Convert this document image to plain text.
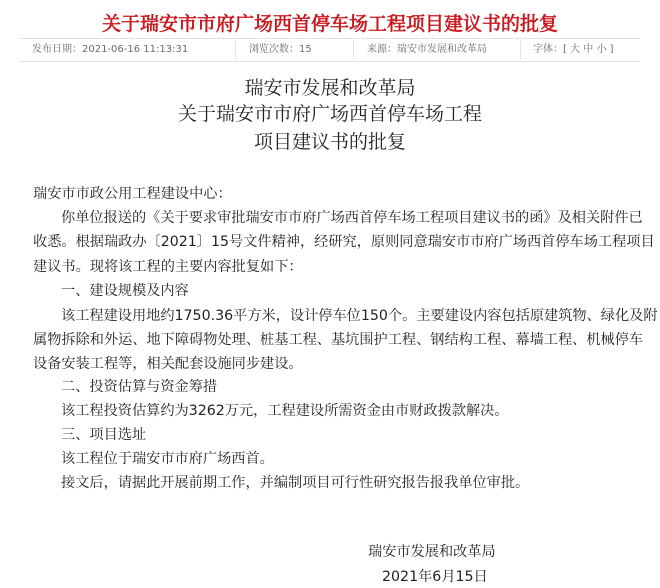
关于瑞安市市府广场西首停车场工程项目建议书的批复
发布日期：2021-06-16 11:13:31	浏览次数：15	来源：瑞安市发展和改革局	字体：[ 大 中 小 ]
瑞安市发展和改革局
关于瑞安市市府广场西首停车场工程
项目建议书的批复
瑞安市市政公用工程建设中心：
你单位报送的《关于要求审批瑞安市市府广场西首停车场工程项目建议书的函》及相关附件已
收悉。根据瑞政办〔2021〕15号文件精神，经研究，原则同意瑞安市市府广场西首停车场工程项目
建议书。现将该工程的主要内容批复如下：
一、建设规模及内容
该工程建设用地约1750.36平方米，设计停车位150个。主要建设内容包括原建筑物、绿化及附
属物拆除和外运、地下障碍物处理、桩基工程、基坑围护工程、钢结构工程、幕墙工程、机械停车
设备安装工程等，相关配套设施同步建设。
二、投资估算与资金筹措
该工程投资估算约为3262万元，工程建设所需资金由市财政拨款解决。
三、项目选址
该工程位于瑞安市市府广场西首。
接文后，请据此开展前期工作，并编制项目可行性研究报告报我单位审批。
瑞安市发展和改革局
2021年6月15日
